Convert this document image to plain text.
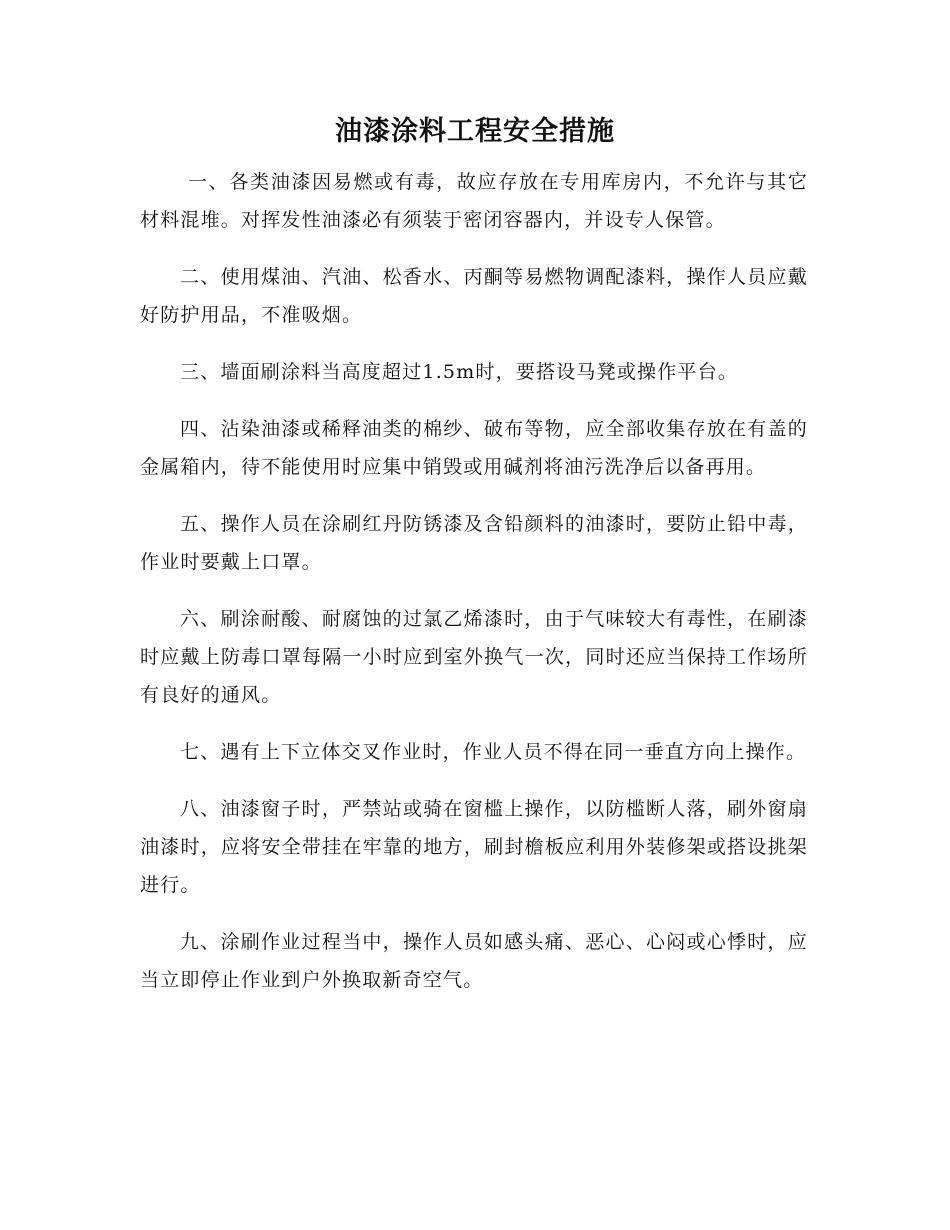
油漆涂料工程安全措施

一、各类油漆因易燃或有毒，故应存放在专用库房内，不允许与其它材料混堆。对挥发性油漆必有须装于密闭容器内，并设专人保管。

二、使用煤油、汽油、松香水、丙酮等易燃物调配漆料，操作人员应戴好防护用品，不准吸烟。

三、墙面刷涂料当高度超过1.5m时，要搭设马凳或操作平台。

四、沾染油漆或稀释油类的棉纱、破布等物，应全部收集存放在有盖的金属箱内，待不能使用时应集中销毁或用碱剂将油污洗净后以备再用。

五、操作人员在涂刷红丹防锈漆及含铅颜料的油漆时，要防止铅中毒，作业时要戴上口罩。

六、刷涂耐酸、耐腐蚀的过氯乙烯漆时，由于气味较大有毒性，在刷漆时应戴上防毒口罩每隔一小时应到室外换气一次，同时还应当保持工作场所有良好的通风。

七、遇有上下立体交叉作业时，作业人员不得在同一垂直方向上操作。

八、油漆窗子时，严禁站或骑在窗槛上操作，以防槛断人落，刷外窗扇油漆时，应将安全带挂在牢靠的地方，刷封檐板应利用外装修架或搭设挑架进行。

九、涂刷作业过程当中，操作人员如感头痛、恶心、心闷或心悸时，应当立即停止作业到户外换取新奇空气。
